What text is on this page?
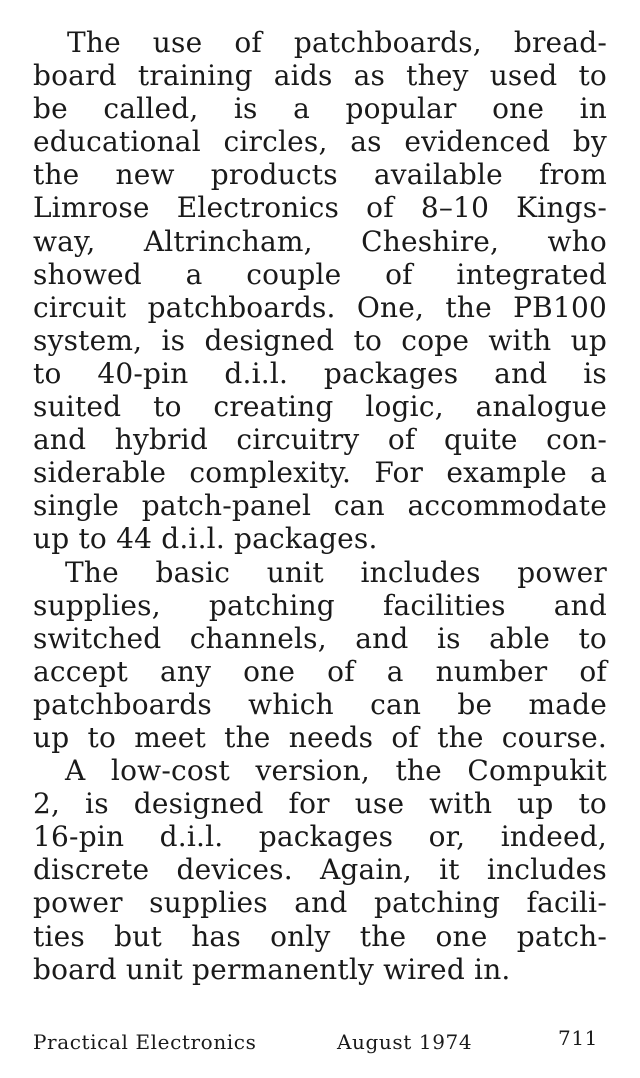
The use of patchboards, bread-
board training aids as they used to
be called, is a popular one in
educational circles, as evidenced by
the new products available from
Limrose Electronics of 8–10 Kings-
way, Altrincham, Cheshire, who
showed a couple of integrated
circuit patchboards. One, the PB100
system, is designed to cope with up
to 40-pin d.i.l. packages and is
suited to creating logic, analogue
and hybrid circuitry of quite con-
siderable complexity. For example a
single patch-panel can accommodate
up to 44 d.i.l. packages.
The basic unit includes power
supplies, patching facilities and
switched channels, and is able to
accept any one of a number of
patchboards which can be made
up to meet the needs of the course.
A low-cost version, the Compukit
2, is designed for use with up to
16-pin d.i.l. packages or, indeed,
discrete devices. Again, it includes
power supplies and patching facili-
ties but has only the one patch-
board unit permanently wired in.
Practical Electronics	August 1974	711
